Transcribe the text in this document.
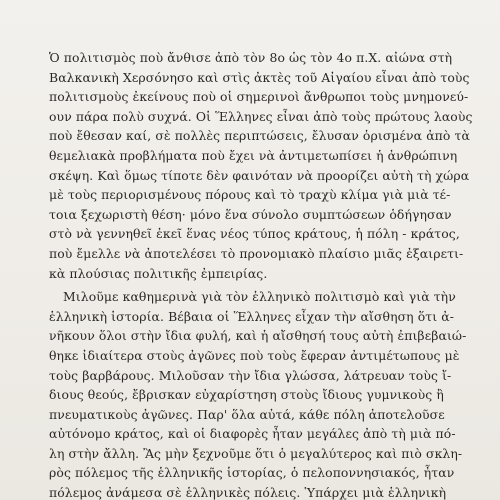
Ὁ πολιτισμὸς ποὺ ἄνθισε ἀπὸ τὸν 8ο ὡς τὸν 4ο π.Χ. αἰώνα στὴ
Βαλκανικὴ Χερσόνησο καὶ στὶς ἀκτὲς τοῦ Αἰγαίου εἶναι ἀπὸ τοὺς
πολιτισμοὺς ἐκείνους ποὺ οἱ σημερινοὶ ἄνθρωποι τοὺς μνημονεύ-
ουν πάρα πολὺ συχνά. Οἱ Ἕλληνες εἶναι ἀπὸ τοὺς πρώτους λαοὺς
ποὺ ἔθεσαν καί, σὲ πολλὲς περιπτώσεις, ἔλυσαν ὁρισμένα ἀπὸ τὰ
θεμελιακὰ προβλήματα ποὺ ἔχει νὰ ἀντιμετωπίσει ἡ ἀνθρώπινη
σκέψη. Καὶ ὅμως τίποτε δὲν φαινόταν νὰ προορίζει αὐτὴ τὴ χώρα
μὲ τοὺς περιορισμένους πόρους καὶ τὸ τραχὺ κλίμα γιὰ μιὰ τέ-
τοια ξεχωριστὴ θέση· μόνο ἕνα σύνολο συμπτώσεων ὁδήγησαν
στὸ νὰ γεννηθεῖ ἐκεῖ ἕνας νέος τύπος κράτους, ἡ πόλη - κράτος,
ποὺ ἔμελλε νὰ ἀποτελέσει τὸ προνομιακὸ πλαίσιο μιᾶς ἐξαιρετι-
κὰ πλούσιας πολιτικῆς ἐμπειρίας.
Μιλοῦμε καθημερινὰ γιὰ τὸν ἑλληνικὸ πολιτισμὸ καὶ γιὰ τὴν
ἑλληνικὴ ἱστορία. Βέβαια οἱ Ἕλληνες εἶχαν τὴν αἴσθηση ὅτι ἀ-
νῆκουν ὅλοι στὴν ἴδια φυλή, καὶ ἡ αἴσθησή τους αὐτὴ ἐπιβεβαιώ-
θηκε ἰδιαίτερα στοὺς ἀγῶνες ποὺ τοὺς ἔφεραν ἀντιμέτωπους μὲ
τοὺς βαρβάρους. Μιλοῦσαν τὴν ἴδια γλώσσα, λάτρευαν τοὺς ἴ-
διους θεούς, ἔβρισκαν εὐχαρίστηση στοὺς ἴδιους γυμνικοὺς ἢ
πνευματικοὺς ἀγῶνες. Παρ' ὅλα αὐτά, κάθε πόλη ἀποτελοῦσε
αὐτόνομο κράτος, καὶ οἱ διαφορὲς ἦταν μεγάλες ἀπὸ τὴ μιὰ πό-
λη στὴν ἄλλη. Ἂς μὴν ξεχνοῦμε ὅτι ὁ μεγαλύτερος καὶ πιὸ σκλη-
ρὸς πόλεμος τῆς ἑλληνικῆς ἱστορίας, ὁ πελοποννησιακός, ἦταν
πόλεμος ἀνάμεσα σὲ ἑλληνικὲς πόλεις. Ὑπάρχει μιὰ ἑλληνικὴ
